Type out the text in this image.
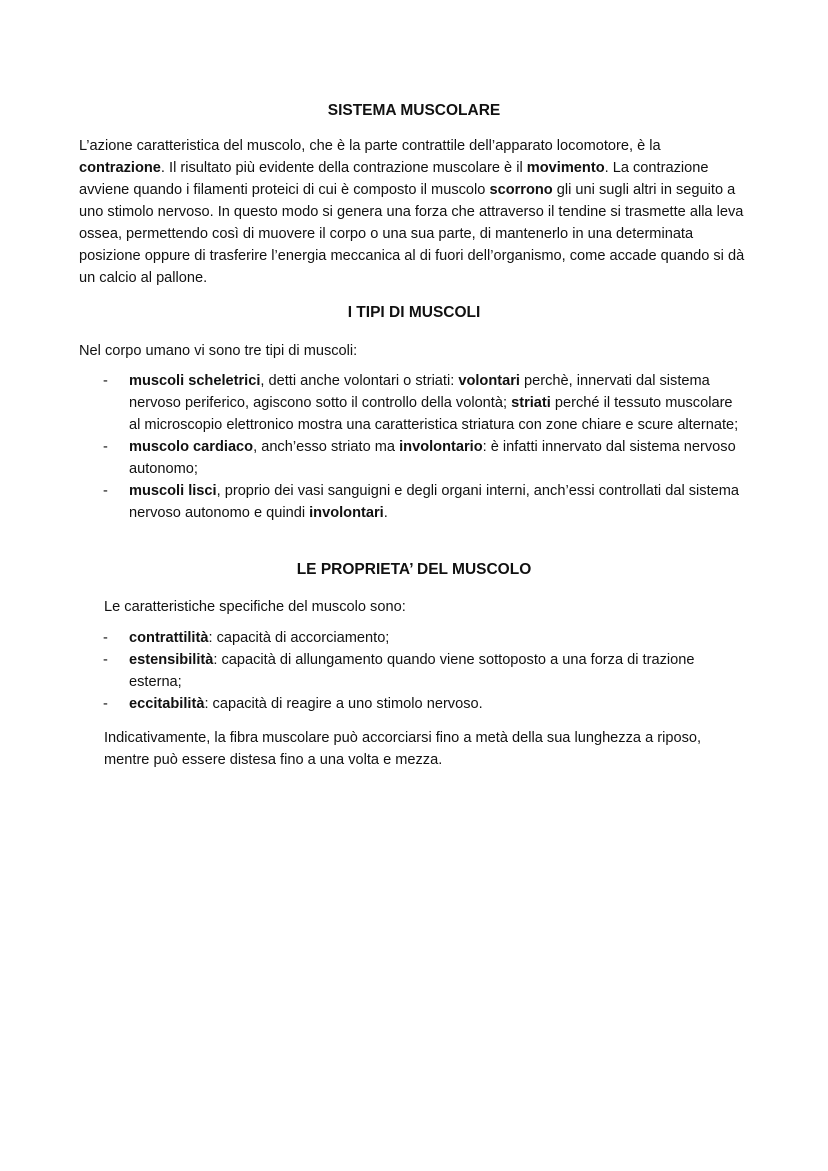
SISTEMA MUSCOLARE

L’azione caratteristica del muscolo, che è la parte contrattile dell’apparato locomotore, è la contrazione. Il risultato più evidente della contrazione muscolare è il movimento. La contrazione avviene quando i filamenti proteici di cui è composto il muscolo scorrono gli uni sugli altri in seguito a uno stimolo nervoso. In questo modo si genera una forza che attraverso il tendine si trasmette alla leva ossea, permettendo così di muovere il corpo o una sua parte, di mantenerlo in una determinata posizione oppure di trasferire l’energia meccanica al di fuori dell’organismo, come accade quando si dà un calcio al pallone.

I TIPI DI MUSCOLI

Nel corpo umano vi sono tre tipi di muscoli:

- muscoli scheletrici, detti anche volontari o striati: volontari perchè, innervati dal sistema nervoso periferico, agiscono sotto il controllo della volontà; striati perché il tessuto muscolare al microscopio elettronico mostra una caratteristica striatura con zone chiare e scure alternate;
- muscolo cardiaco, anch’esso striato ma involontario: è infatti innervato dal sistema nervoso autonomo;
- muscoli lisci, proprio dei vasi sanguigni e degli organi interni, anch’essi controllati dal sistema nervoso autonomo e quindi involontari.
LE PROPRIETA’ DEL MUSCOLO

Le caratteristiche specifiche del muscolo sono:

- contrattilità: capacità di accorciamento;
- estensibilità: capacità di allungamento quando viene sottoposto a una forza di trazione esterna;
- eccitabilità: capacità di reagire a uno stimolo nervoso.

Indicativamente, la fibra muscolare può accorciarsi fino a metà della sua lunghezza a riposo, mentre può essere distesa fino a una volta e mezza.
